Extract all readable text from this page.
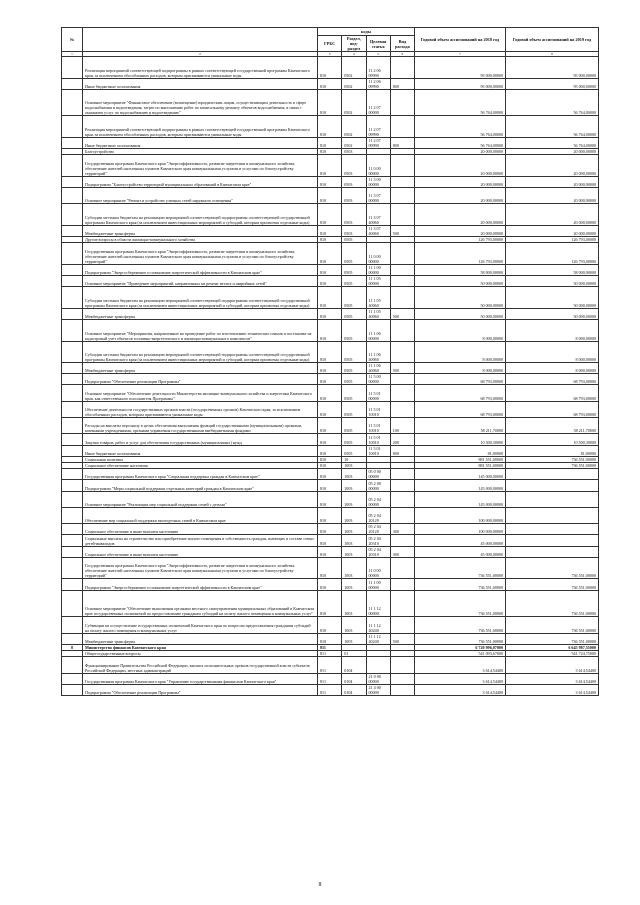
№		коды				Годовой объем ассигнований на 2018 год	Годовой объем ассигнований на 2019 год
		ГРБС	Раздел, под-раздел	Целевая статья	Вид расхода		
1	2	3	4	5	6	7	8
	Реализация мероприятий соответствующей подпрограммы в рамках соответствующей государственной программы Камчатского края, за исключением обособленных расходов, которым присваиваются уникальные коды	810	0502	11 2 06 09990		95 000,00000	95 000,00000
	Иные бюджетные ассигнования	810	0502	11 2 06 09990	800	95 000,00000	95 000,00000
	Основное мероприятие "Финансовое обеспечение (возмещение) юридическим лицам, осуществляющим деятельность в сфере водоснабжения и водоотведения, затрат по выполнению работ по капитальному ремонту объектов водоснабжения, в связи с оказанием услуг по водоснабжению и водоотведению"	810	0502	11 2 07 00000		56 764,00000	56 764,00000
	Реализация мероприятий соответствующей подпрограммы в рамках соответствующей государственной программы Камчатского края, за исключением обособленных расходов, которым присваиваются уникальные коды	810	0502	11 2 07 09990		56 764,00000	56 764,00000
	Иные бюджетные ассигнования	810	0502	11 2 07 09990	800	56 764,00000	56 764,00000
	Благоустройство	810	0503			20 000,00000	20 000,00000
	Государственная программа Камчатского края "Энергоэффективность, развитие энергетики и коммунального хозяйства, обеспечение жителей населенных пунктов Камчатского края коммунальными услугами и услугами по благоустройству территорий"	810	0503	11 0 00 00000		20 000,00000	20 000,00000
	Подпрограмма "Благоустройство территорий муниципальных образований в Камчатском крае"	810	0503	11 3 00 00000		20 000,00000	20 000,00000
	Основное мероприятие "Ремонт и устройство уличных сетей наружного освещения"	810	0503	11 3 07 00000		20 000,00000	20 000,00000
	Субсидии местным бюджетам на реализацию мероприятий соответствующей подпрограммы соответствующей государственной программы Камчатского края (за исключением инвестиционных мероприятий и субсидий, которым присвоены отдельные коды)	810	0503	11 3 07 40060		20 000,00000	20 000,00000
	Межбюджетные трансферты	810	0503	11 3 07 40060	500	20 000,00000	20 000,00000
	Другие вопросы в области жилищно-коммунального хозяйства	810	0505			126 793,00000	126 793,00000
	Государственная программа Камчатского края "Энергоэффективность, развитие энергетики и коммунального хозяйства, обеспечение жителей населенных пунктов Камчатского края коммунальными услугами и услугами по благоустройству территорий"	810	0505	11 0 00 00000		126 793,00000	126 793,00000
	Подпрограмма "Энергосбережение и повышение энергетической эффективности в Камчатском крае"	810	0505	11 1 00 00000		58 000,00000	58 000,00000
	Основное мероприятие "Проведение мероприятий, направленных на ремонт ветхих и аварийных сетей"	810	0505	11 1 05 00000		50 000,00000	50 000,00000
	Субсидии местным бюджетам на реализацию мероприятий соответствующей подпрограммы соответствующей государственной программы Камчатского края (за исключением инвестиционных мероприятий и субсидий, которым присвоены отдельные коды)	810	0505	11 1 05 40060		50 000,00000	50 000,00000
	Межбюджетные трансферты	810	0505	11 1 05 40060	500	50 000,00000	50 000,00000
	Основное мероприятие "Мероприятия, направленные на проведение работ по изготовлению технических планов и постановке на кадастровый учет объектов топливно-энергетического и жилищно-коммунального комплексов"	810	0505	11 1 06 00000		8 000,00000	8 000,00000
	Субсидии местным бюджетам на реализацию мероприятий соответствующей подпрограммы соответствующей государственной программы Камчатского края (за исключением инвестиционных мероприятий и субсидий, которым присвоены отдельные коды)	810	0505	11 1 06 40060		8 000,00000	8 000,00000
	Межбюджетные трансферты	810	0505	11 1 06 40060	500	8 000,00000	8 000,00000
	Подпрограмма "Обеспечение реализации Программы"	810	0505	11 5 00 00000		68 793,00000	68 793,00000
	Основное мероприятие "Обеспечение деятельности Министерства жилищно-коммунального хозяйства и энергетики Камчатского края, как ответственного исполнителя Программы"	810	0505	11 5 01 00000		68 793,00000	68 793,00000
	Обеспечение деятельности государственных органов власти (государственных органов) Камчатского края, за исключением обособленных расходов, которым присваиваются уникальные коды	810	0505	11 5 01 10010		68 793,00000	68 793,00000
	Расходы на выплаты персоналу в целях обеспечения выполнения функций государственными (муниципальными) органами, казенными учреждениями, органами управления государственными внебюджетными фондами	810	0505	11 5 01 10010	100	58 211,70000	58 211,70000
	Закупка товаров, работ и услуг для обеспечения государственных (муниципальных) нужд	810	0505	11 5 01 10010	200	10 500,30000	10 500,30000
	Иные бюджетные ассигнования	810	0505	11 5 01 10010	800	81,00000	81,00000
	Социальная политика	810	10			881 551,00000	736 551,00000
	Социальное обеспечение населения	810	1003			881 551,00000	736 551,00000
	Государственная программа Камчатского края "Социальная поддержка граждан в Камчатском крае"	810	1003	05 0 00 00000		145 000,00000	
	Подпрограмма "Меры социальной поддержки отдельных категорий граждан в Камчатском крае"	810	1003	05 2 00 00000		145 000,00000	
	Основное мероприятие "Реализация мер социальной поддержки семей с детьми"	810	1003	05 2 04 00000		145 000,00000	
	Обеспечение мер социальной поддержки многодетных семей в Камчатском крае	810	1003	05 2 04 20120		100 000,00000	
	Социальное обеспечение и иные выплаты населению	810	1003	05 2 04 20120	300	100 000,00000	
	Социальные выплаты на строительство или приобретение жилого помещения в собственность граждан, имеющих в составе семьи детей-инвалидов	810	1003	05 2 04 20310		45 000,00000	
	Социальное обеспечение и иные выплаты населению	810	1003	05 2 04 20310	300	45 000,00000	
	Государственная программа Камчатского края "Энергоэффективность, развитие энергетики и коммунального хозяйства, обеспечение жителей населенных пунктов Камчатского края коммунальными услугами и услугами по благоустройству территорий"	810	1003	11 0 00 00000		736 551,00000	736 551,00000
	Подпрограмма "Энергосбережение и повышение энергетической эффективности в Камчатском крае"	810	1003	11 1 00 00000		736 551,00000	736 551,00000
	Основное мероприятие "Обеспечение выполнения органами местного самоуправления муниципальных образований в Камчатском крае государственных полномочий по предоставлению гражданам субсидий на оплату жилого помещения и коммунальных услуг"	810	1003	11 1 12 00000		736 551,00000	736 551,00000
	Субвенции на осуществление государственных полномочий Камчатского края по вопросам предоставления гражданам субсидий на оплату жилого помещения и коммунальных услуг	810	1003	11 1 12 40240		736 551,00000	736 551,00000
	Межбюджетные трансферты	810	1003	11 1 12 40240	500	736 551,00000	736 551,00000
8	Министерство финансов Камчатского края	811				6 720 996,07000	6 645 987,55000
	Общегосударственные вопросы	811	01			541 093,67000	541 724,75000
	Функционирование Правительства Российской Федерации, высших исполнительных органов государственной власти субъектов Российской Федерации, местных администраций	811	0104			3 614,54400	3 614,54400
	Государственная программа Камчатского края "Управление государственными финансами Камчатского края"	811	0104	21 0 00 00000		3 614,54400	3 614,54400
	Подпрограмма "Обеспечение реализации Программы"	811	0104	21 4 00 00000		3 614,54400	3 614,54400
8
